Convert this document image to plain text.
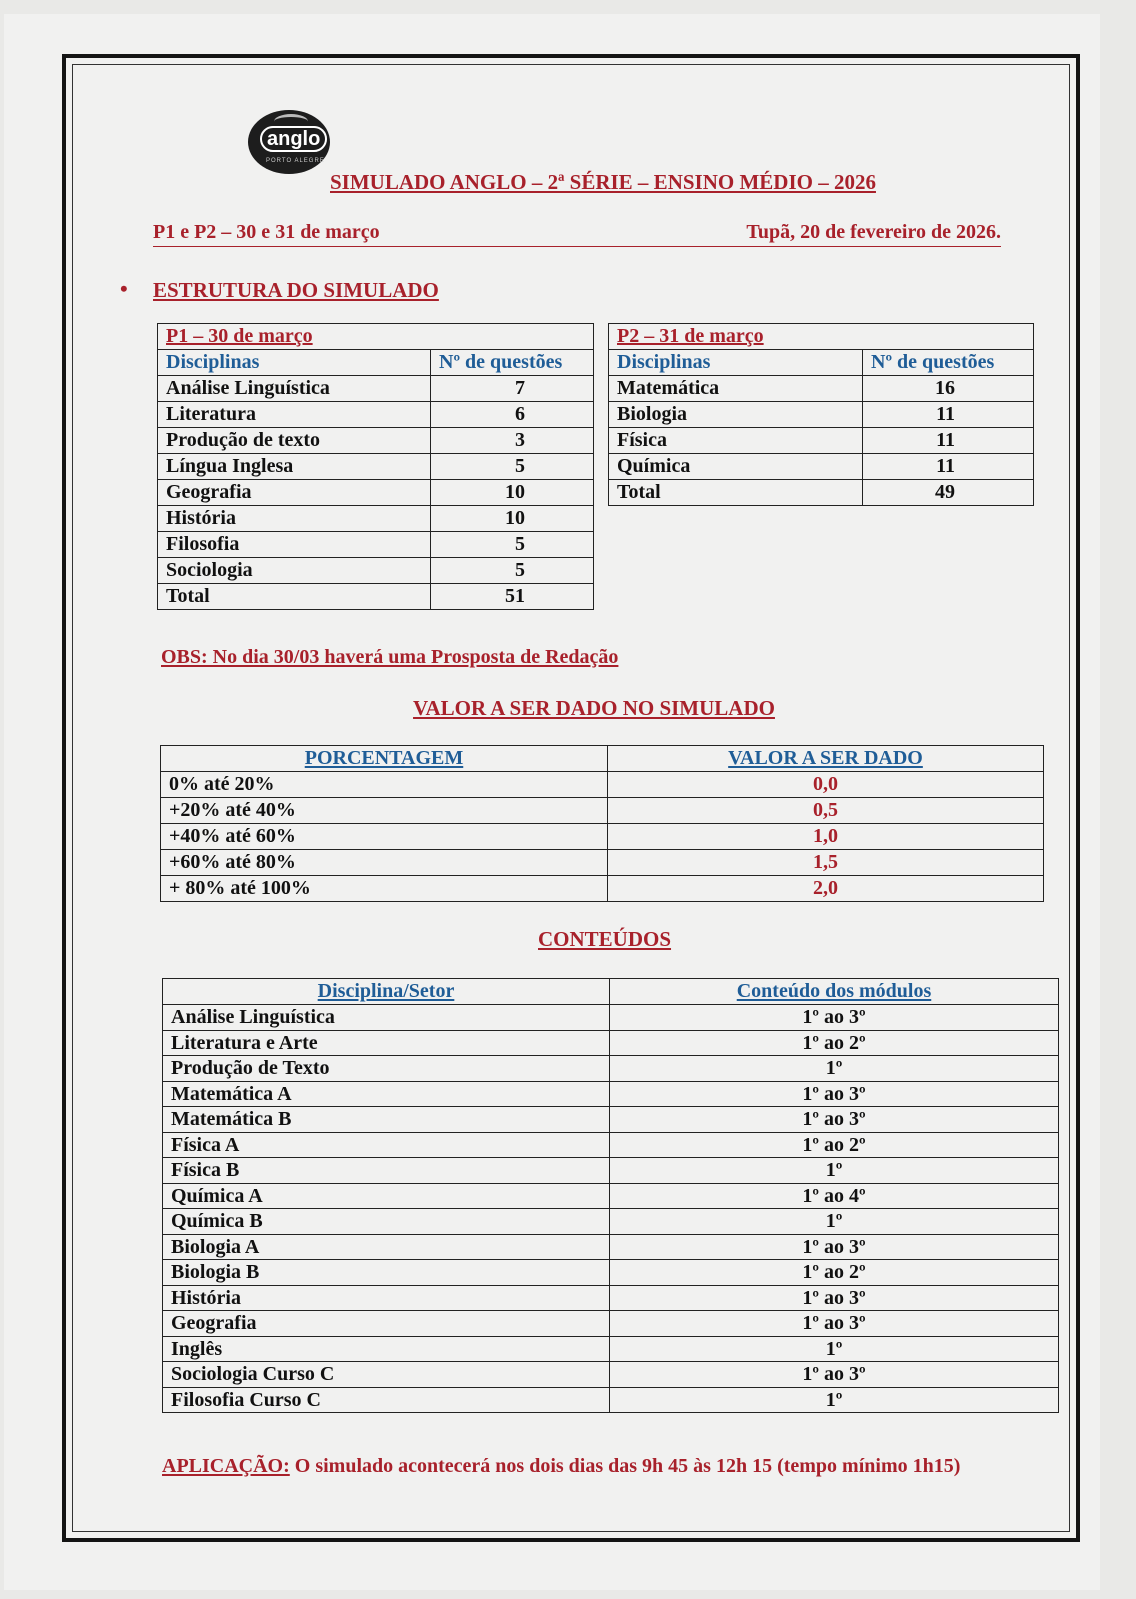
anglo
PORTO ALEGRE
SIMULADO ANGLO – 2ª SÉRIE – ENSINO MÉDIO – 2026
P1 e P2 – 30 e 31 de março	Tupã, 20 de fevereiro de 2026.
• ESTRUTURA DO SIMULADO
P1 – 30 de março	
Disciplinas	Nº de questões
Análise Linguística	7
Literatura	6
Produção de texto	3
Língua Inglesa	5
Geografia	10
História	10
Filosofia	5
Sociologia	5
Total	51
P2 – 31 de março	
Disciplinas	Nº de questões
Matemática	16
Biologia	11
Física	11
Química	11
Total	49
OBS: No dia 30/03 haverá uma Prosposta de Redação
VALOR A SER DADO NO SIMULADO
PORCENTAGEM	VALOR A SER DADO
0% até 20%	0,0
+20% até 40%	0,5
+40% até 60%	1,0
+60% até 80%	1,5
+ 80% até 100%	2,0
CONTEÚDOS
Disciplina/Setor	Conteúdo dos módulos
Análise Linguística	1º ao 3º
Literatura e Arte	1º ao 2º
Produção de Texto	1º
Matemática A	1º ao 3º
Matemática B	1º ao 3º
Física A	1º ao 2º
Física B	1º
Química A	1º ao 4º
Química B	1º
Biologia A	1º ao 3º
Biologia B	1º ao 2º
História	1º ao 3º
Geografia	1º ao 3º
Inglês	1º
Sociologia Curso C	1º ao 3º
Filosofia Curso C	1º
APLICAÇÃO: O simulado acontecerá nos dois dias das 9h 45 às 12h 15 (tempo mínimo 1h15)
